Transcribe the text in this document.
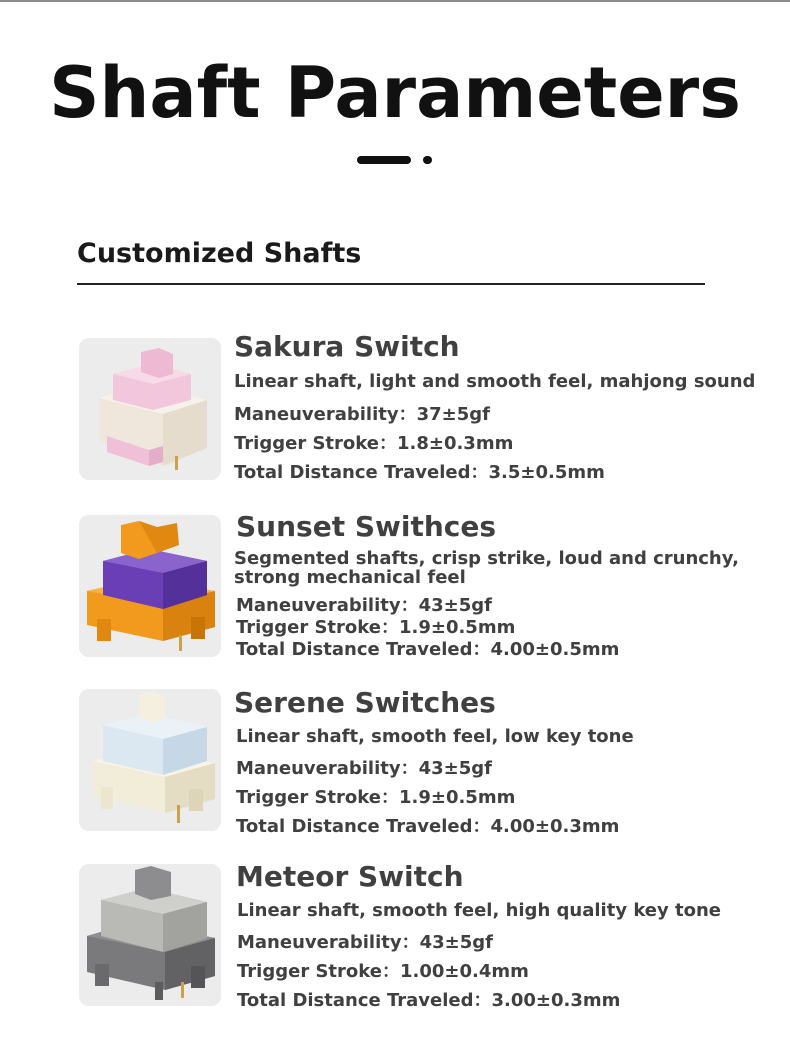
Shaft Parameters
Customized Shafts
Sakura Switch
Linear shaft, light and smooth feel, mahjong sound
Maneuverability：37±5gf
Trigger Stroke：1.8±0.3mm
Total Distance Traveled：3.5±0.5mm
Sunset Swithces
Segmented shafts, crisp strike, loud and crunchy,
strong mechanical feel
Maneuverability：43±5gf
Trigger Stroke：1.9±0.5mm
Total Distance Traveled：4.00±0.5mm
Serene Switches
Linear shaft, smooth feel, low key tone
Maneuverability：43±5gf
Trigger Stroke：1.9±0.5mm
Total Distance Traveled：4.00±0.3mm
Meteor Switch
Linear shaft, smooth feel, high quality key tone
Maneuverability：43±5gf
Trigger Stroke：1.00±0.4mm
Total Distance Traveled：3.00±0.3mm
